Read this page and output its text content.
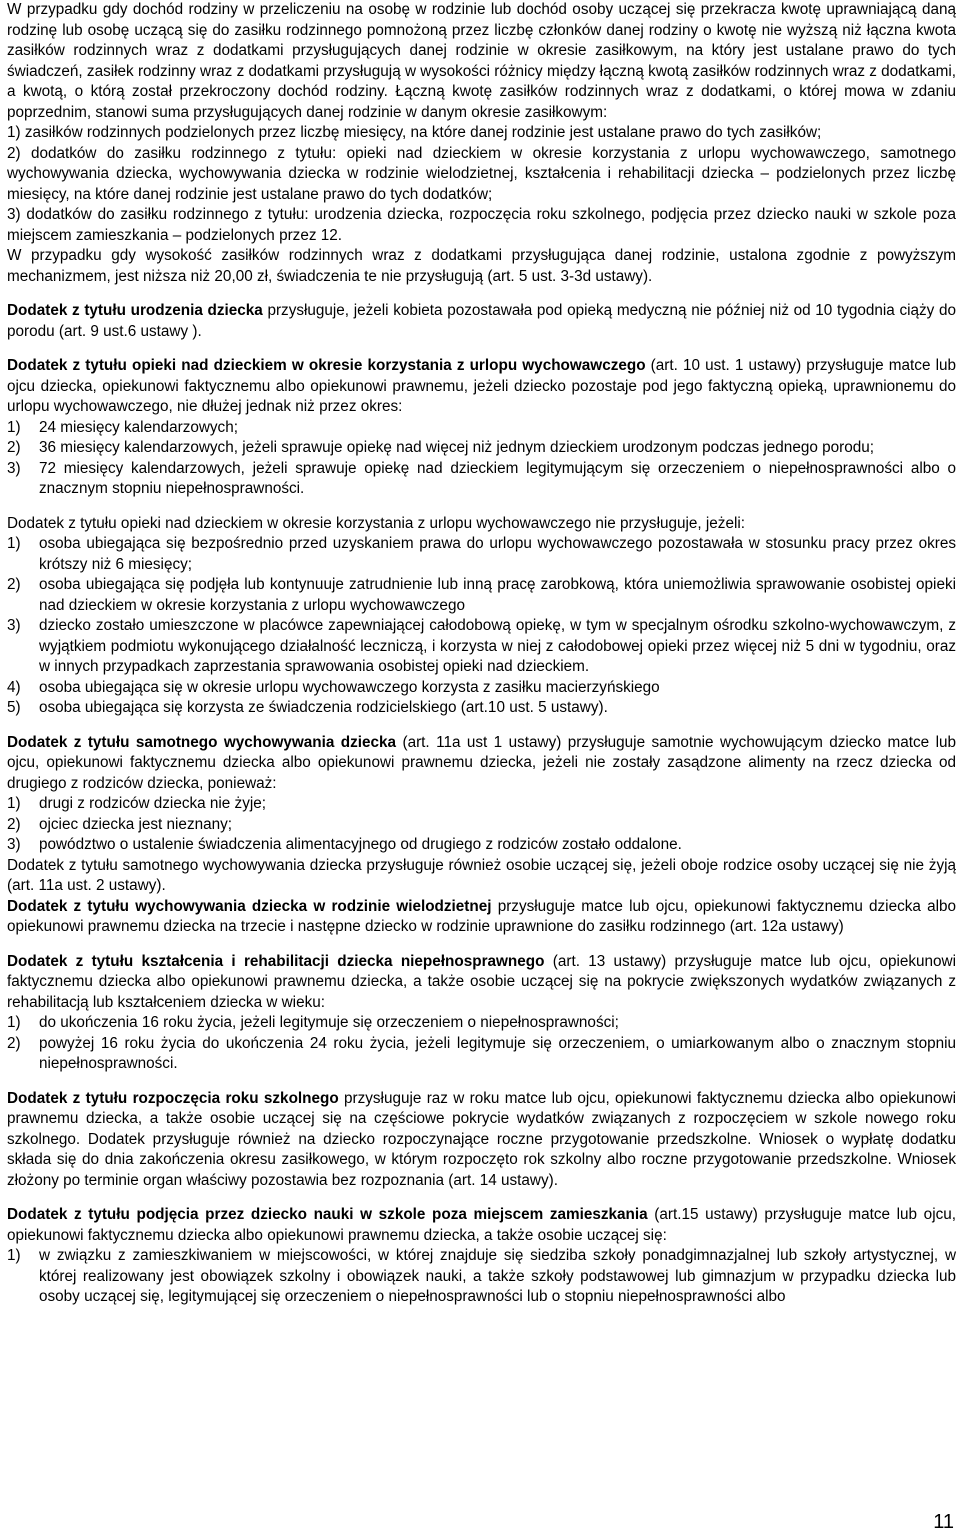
W przypadku gdy dochód rodziny w przeliczeniu na osobę w rodzinie lub dochód osoby uczącej się przekracza kwotę uprawniającą daną rodzinę lub osobę uczącą się do zasiłku rodzinnego pomnożoną przez liczbę członków danej rodziny o kwotę nie wyższą niż łączna kwota zasiłków rodzinnych wraz z dodatkami przysługujących danej rodzinie w okresie zasiłkowym, na który jest ustalane prawo do tych świadczeń, zasiłek rodzinny wraz z dodatkami przysługują w wysokości różnicy między łączną kwotą zasiłków rodzinnych wraz z dodatkami, a kwotą, o którą został przekroczony dochód rodziny. Łączną kwotę zasiłków rodzinnych wraz z dodatkami, o której mowa w zdaniu poprzednim, stanowi suma przysługujących danej rodzinie w danym okresie zasiłkowym:

1) zasiłków rodzinnych podzielonych przez liczbę miesięcy, na które danej rodzinie jest ustalane prawo do tych zasiłków;

2) dodatków do zasiłku rodzinnego z tytułu: opieki nad dzieckiem w okresie korzystania z urlopu wychowawczego, samotnego wychowywania dziecka, wychowywania dziecka w rodzinie wielodzietnej, kształcenia i rehabilitacji dziecka – podzielonych przez liczbę miesięcy, na które danej rodzinie jest ustalane prawo do tych dodatków;

3) dodatków do zasiłku rodzinnego z tytułu: urodzenia dziecka, rozpoczęcia roku szkolnego, podjęcia przez dziecko nauki w szkole poza miejscem zamieszkania – podzielonych przez 12.

W przypadku gdy wysokość zasiłków rodzinnych wraz z dodatkami przysługująca danej rodzinie, ustalona zgodnie z powyższym mechanizmem, jest niższa niż 20,00 zł, świadczenia te nie przysługują (art. 5 ust. 3-3d ustawy).

Dodatek z tytułu urodzenia dziecka przysługuje, jeżeli kobieta pozostawała pod opieką medyczną nie później niż od 10 tygodnia ciąży do porodu (art. 9 ust.6 ustawy ).

Dodatek z tytułu opieki nad dzieckiem w okresie korzystania z urlopu wychowawczego (art. 10 ust. 1 ustawy) przysługuje matce lub ojcu dziecka, opiekunowi faktycznemu albo opiekunowi prawnemu, jeżeli dziecko pozostaje pod jego faktyczną opieką, uprawnionemu do urlopu wychowawczego, nie dłużej jednak niż przez okres:

1)	24 miesięcy kalendarzowych;
2)	36 miesięcy kalendarzowych, jeżeli sprawuje opiekę nad więcej niż jednym dzieckiem urodzonym podczas jednego porodu;
3)	72 miesięcy kalendarzowych, jeżeli sprawuje opiekę nad dzieckiem legitymującym się orzeczeniem o niepełnosprawności albo o znacznym stopniu niepełnosprawności.

Dodatek z tytułu opieki nad dzieckiem w okresie korzystania z urlopu wychowawczego nie przysługuje, jeżeli:

1)	osoba ubiegająca się bezpośrednio przed uzyskaniem prawa do urlopu wychowawczego pozostawała w stosunku pracy przez okres krótszy niż 6 miesięcy;
2)	osoba ubiegająca się podjęła lub kontynuuje zatrudnienie lub inną pracę zarobkową, która uniemożliwia sprawowanie osobistej opieki nad dzieckiem w okresie korzystania z urlopu wychowawczego
3)	dziecko zostało umieszczone w placówce zapewniającej całodobową opiekę, w tym w specjalnym ośrodku szkolno-wychowawczym, z wyjątkiem podmiotu wykonującego działalność leczniczą, i korzysta w niej z całodobowej opieki przez więcej niż 5 dni w tygodniu, oraz w innych przypadkach zaprzestania sprawowania osobistej opieki nad dzieckiem.
4)	osoba ubiegająca się w okresie urlopu wychowawczego korzysta z zasiłku macierzyńskiego
5)	osoba ubiegająca się korzysta ze świadczenia rodzicielskiego (art.10 ust. 5 ustawy).

Dodatek z tytułu samotnego wychowywania dziecka (art. 11a ust 1 ustawy) przysługuje samotnie wychowującym dziecko matce lub ojcu, opiekunowi faktycznemu dziecka albo opiekunowi prawnemu dziecka, jeżeli nie zostały zasądzone alimenty na rzecz dziecka od drugiego z rodziców dziecka, ponieważ:

1)	drugi z rodziców dziecka nie żyje;
2)	ojciec dziecka jest nieznany;
3)	powództwo o ustalenie świadczenia alimentacyjnego od drugiego z rodziców zostało oddalone.

Dodatek z tytułu samotnego wychowywania dziecka przysługuje również osobie uczącej się, jeżeli oboje rodzice osoby uczącej się nie żyją (art. 11a ust. 2 ustawy).

Dodatek z tytułu wychowywania dziecka w rodzinie wielodzietnej przysługuje matce lub ojcu, opiekunowi faktycznemu dziecka albo opiekunowi prawnemu dziecka na trzecie i następne dziecko w rodzinie uprawnione do zasiłku rodzinnego (art. 12a ustawy)

Dodatek z tytułu kształcenia i rehabilitacji dziecka niepełnosprawnego (art. 13 ustawy) przysługuje matce lub ojcu, opiekunowi faktycznemu dziecka albo opiekunowi prawnemu dziecka, a także osobie uczącej się na pokrycie zwiększonych wydatków związanych z rehabilitacją lub kształceniem dziecka w wieku:

1)	do ukończenia 16 roku życia, jeżeli legitymuje się orzeczeniem o niepełnosprawności;
2)	powyżej 16 roku życia do ukończenia 24 roku życia, jeżeli legitymuje się orzeczeniem, o umiarkowanym albo o znacznym stopniu niepełnosprawności.

Dodatek z tytułu rozpoczęcia roku szkolnego przysługuje raz w roku matce lub ojcu, opiekunowi faktycznemu dziecka albo opiekunowi prawnemu dziecka, a także osobie uczącej się na częściowe pokrycie wydatków związanych z rozpoczęciem w szkole nowego roku szkolnego. Dodatek przysługuje również na dziecko rozpoczynające roczne przygotowanie przedszkolne. Wniosek o wypłatę dodatku składa się do dnia zakończenia okresu zasiłkowego, w którym rozpoczęto rok szkolny albo roczne przygotowanie przedszkolne. Wniosek złożony po terminie organ właściwy pozostawia bez rozpoznania (art. 14 ustawy).

Dodatek z tytułu podjęcia przez dziecko nauki w szkole poza miejscem zamieszkania (art.15 ustawy) przysługuje matce lub ojcu, opiekunowi faktycznemu dziecka albo opiekunowi prawnemu dziecka, a także osobie uczącej się:

1)	w związku z zamieszkiwaniem w miejscowości, w której znajduje się siedziba szkoły ponadgimnazjalnej lub szkoły artystycznej, w której realizowany jest obowiązek szkolny i obowiązek nauki, a także szkoły podstawowej lub gimnazjum w przypadku dziecka lub osoby uczącej się, legitymującej się orzeczeniem o niepełnosprawności lub o stopniu niepełnosprawności albo
11
